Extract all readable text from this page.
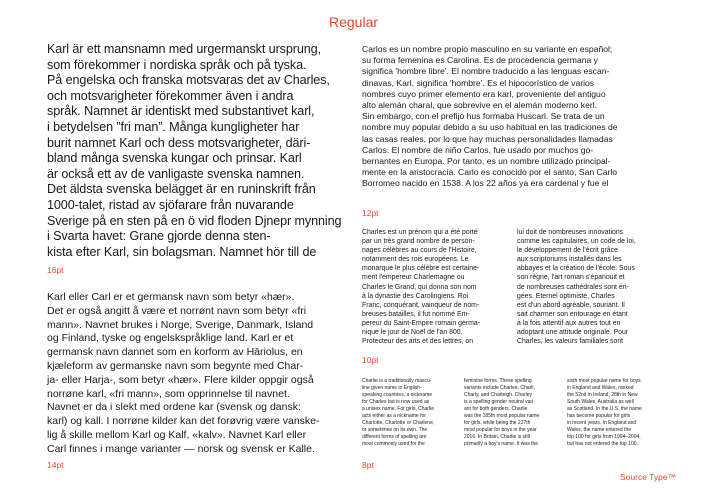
Regular
Karl är ett mansnamn med urgermanskt ursprung,
som förekommer i nordiska språk och på tyska.
På engelska och franska motsvaras det av Charles,
och motsvarigheter förekommer även i andra
språk. Namnet är identiskt med substantivet karl,
i betydelsen ”fri man”. Många kungligheter har
burit namnet Karl och dess motsvarigheter, däri-
bland många svenska kungar och prinsar. Karl
är också ett av de vanligaste svenska namnen.
Det äldsta svenska belägget är en runinskrift från
1000-talet, ristad av sjöfarare från nuvarande
Sverige på en sten på en ö vid floden Djnepr mynning
i Svarta havet: Grane gjorde denna sten-
kista efter Karl, sin bolagsman. Namnet hör till de
16pt
Karl eller Carl er et germansk navn som betyr «hær».
Det er også angitt å være et norrønt navn som betyr «fri
mann». Navnet brukes i Norge, Sverige, Danmark, Island
og Finland, tyske og engelskspråklige land. Karl er et
germansk navn dannet som en korform av Hāriolus, en
kjæleform av germanske navn som begynte med Char-
ja- eller Harja-, som betyr «hær». Flere kilder oppgir også
norrøne karl, «fri mann», som opprinnelse til navnet.
Navnet er da i slekt med ordene kar (svensk og dansk:
karl) og kall. I norrøne kilder kan det forøvrig være vanske-
lig å skille mellom Karl og Kalf, «kalv». Navnet Karl eller
Carl finnes i mange varianter — norsk og svensk er Kalle.
14pt
Carlos es un nombre propio masculino en su variante en español;
su forma femenina es Carolina. Es de procedencia germana y
significa 'hombre libre'. El nombre traducido a las lenguas escan-
dinavas, Karl, significa 'hombre'. Es el hipocorístico de varios
nombres cuyo primer elemento era karl, proveniente del antiguo
alto alemán charal, que sobrevive en el alemán moderno kerl.
Sin embargo, con el prefijo hus formaba Huscarl. Se trata de un
nombre muy popular debido a su uso habitual en las tradiciones de
las casas reales, por lo que hay muchas personalidades llamadas
Carlos. El nombre de niño Carlos, fue usado por muchos go-
bernantes en Europa. Por tanto, es un nombre utilizado principal-
mente en la aristocracia. Carlo es conocido por el santo, San Carlo
Borromeo nacido en 1538. A los 22 años ya era cardenal y fue el
12pt
Charles est un prénom qui a été porté
par un très grand nombre de person-
nages célèbres au cours de l'Histoire,
notamment des rois européens. Le
monarque le plus célèbre est certaine-
ment l'empereur Charlemagne ou
Charles le Grand, qui donna son nom
à la dynastie des Carolingiens. Roi
Franc, conquérant, vainqueur de nom-
breuses batailles, il fut nommé Em-
pereur du Saint-Empire romain germa-
nique le jour de Noël de l'an 800.
Protecteur des arts et des lettres, on
lui doit de nombreuses innovations
comme les capitulaires, un code de loi,
le développement de l'écrit grâce
aux scriptoriums installés dans les
abbayes et la création de l'école. Sous
son règne, l'art roman s'épanouit et
de nombreuses cathédrales sont éri-
gées. Eternel optimiste, Charles
est d'un abord agréable, souriant. Il
sait charmer son entourage en étant
à la fois attentif aux autres tout en
adoptant une attitude originale. Pour
Charles, les valeurs familiales sont
10pt
Charlie is a traditionally mascu-
line given name in English-
speaking countries, a nickname
for Charles but is now used as
a unisex name. For girls, Charlie
acts either as a nickname for
Charlotte, Charlotte or Charlene,
or sometimes on its own. The
different forms of spelling are
most commonly used for the
feminine forms. These spelling
variants include Charlee, Charli,
Charly, and Charleigh. Charley
is a spelling gender neutral vari-
ant for both genders. Charlie
was the 185th most popular name
for girls, while being the 227th
most popular for boys in the year
2016. In Britain, Charlie is still
primarily a boy's name. It was the
sixth most popular name for boys
in England and Wales, ranked
the 52nd in Ireland, 28th in New
South Wales, Australia as well
as Scotland. In the U.S. the name
has become popular for girls
in recent years. In England and
Wales, the name entered the
top 100 for girls from 1994–2004,
but has not entered the top 100.
8pt
Source Type™
